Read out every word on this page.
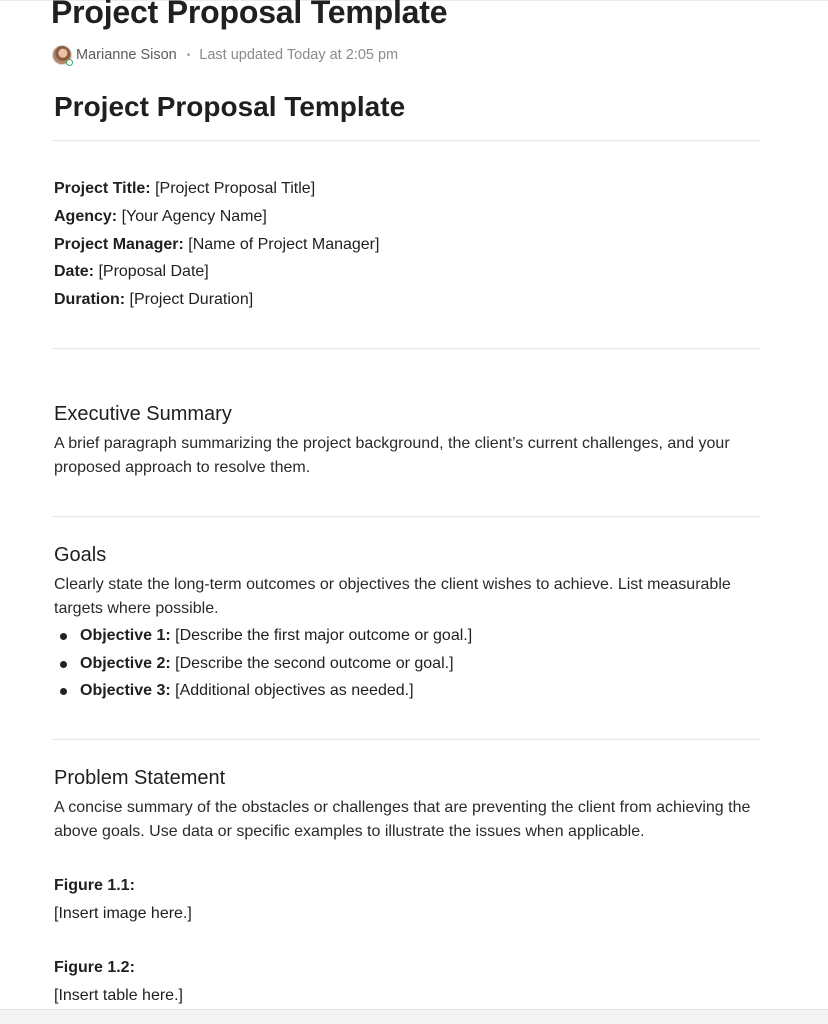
Project Proposal Template
Marianne Sison • Last updated Today at 2:05 pm
Project Proposal Template
Project Title: [Project Proposal Title]
Agency: [Your Agency Name]
Project Manager: [Name of Project Manager]
Date: [Proposal Date]
Duration: [Project Duration]
Executive Summary

A brief paragraph summarizing the project background, the client’s current challenges, and your proposed approach to resolve them.

Goals

Clearly state the long-term outcomes or objectives the client wishes to achieve. List measurable targets where possible.

Objective 1: [Describe the first major outcome or goal.]
Objective 2: [Describe the second outcome or goal.]
Objective 3: [Additional objectives as needed.]
Problem Statement

A concise summary of the obstacles or challenges that are preventing the client from achieving the above goals. Use data or specific examples to illustrate the issues when applicable.

Figure 1.1:
[Insert image here.]
Figure 1.2:
[Insert table here.]
